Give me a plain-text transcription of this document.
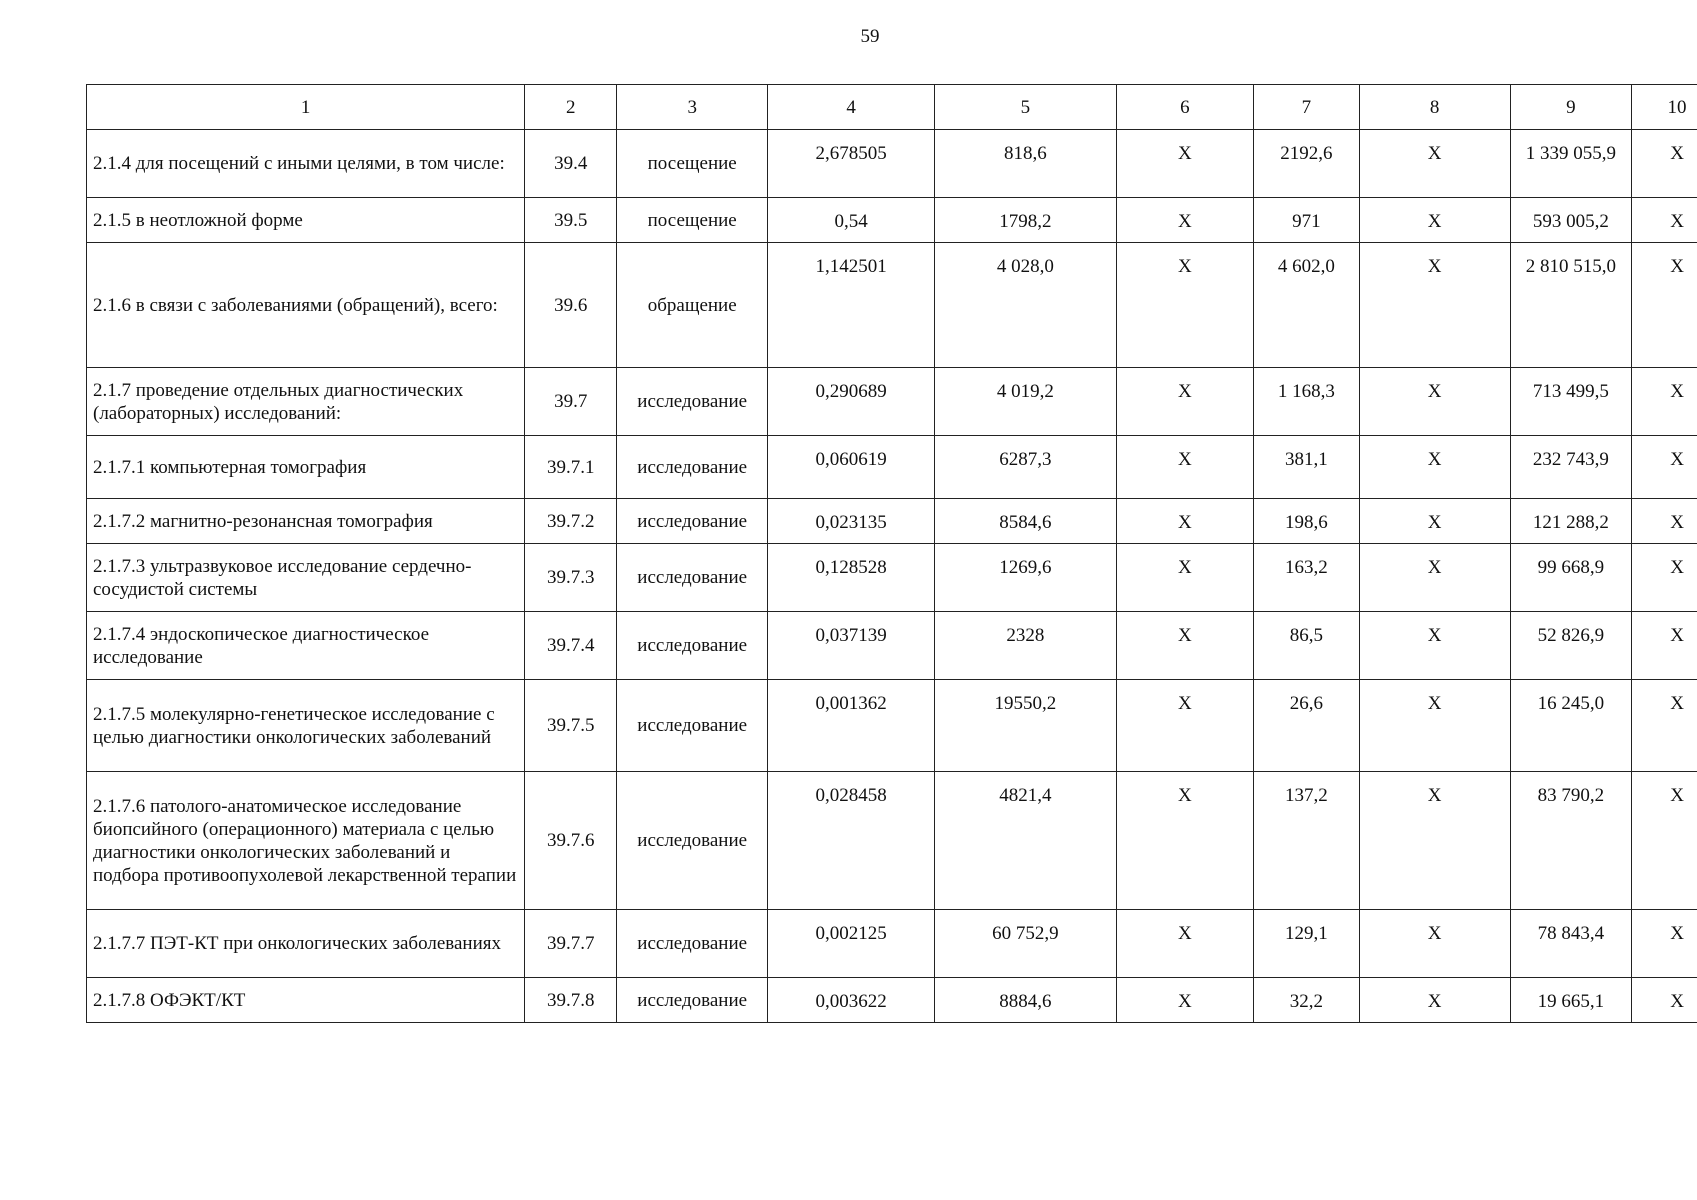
59
1	2	3	4	5	6	7	8	9	10
2.1.4 для посещений с иными целями, в том числе:	39.4	посещение	2,678505	818,6	Х	2192,6	Х	1 339 055,9	Х
2.1.5 в неотложной форме	39.5	посещение	0,54	1798,2	Х	971	Х	593 005,2	Х
2.1.6 в связи с заболеваниями (обращений), всего:	39.6	обращение	1,142501	4 028,0	Х	4 602,0	Х	2 810 515,0	Х
2.1.7 проведение отдельных диагностических (лабораторных) исследований:	39.7	исследование	0,290689	4 019,2	Х	1 168,3	Х	713 499,5	Х
2.1.7.1 компьютерная томография	39.7.1	исследование	0,060619	6287,3	Х	381,1	Х	232 743,9	Х
2.1.7.2 магнитно-резонансная томография	39.7.2	исследование	0,023135	8584,6	Х	198,6	Х	121 288,2	Х
2.1.7.3 ультразвуковое исследование сердечно-сосудистой системы	39.7.3	исследование	0,128528	1269,6	Х	163,2	Х	99 668,9	Х
2.1.7.4 эндоскопическое диагностическое исследование	39.7.4	исследование	0,037139	2328	Х	86,5	Х	52 826,9	Х
2.1.7.5 молекулярно-генетическое исследование с целью диагностики онкологических заболеваний	39.7.5	исследование	0,001362	19550,2	Х	26,6	Х	16 245,0	Х
2.1.7.6 патолого-анатомическое исследование биопсийного (операционного) материала с целью диагностики онкологических заболеваний и подбора противоопухолевой лекарственной терапии	39.7.6	исследование	0,028458	4821,4	Х	137,2	Х	83 790,2	Х
2.1.7.7 ПЭТ-КТ при онкологических заболеваниях	39.7.7	исследование	0,002125	60 752,9	Х	129,1	Х	78 843,4	Х
2.1.7.8 ОФЭКТ/КТ	39.7.8	исследование	0,003622	8884,6	Х	32,2	Х	19 665,1	Х
